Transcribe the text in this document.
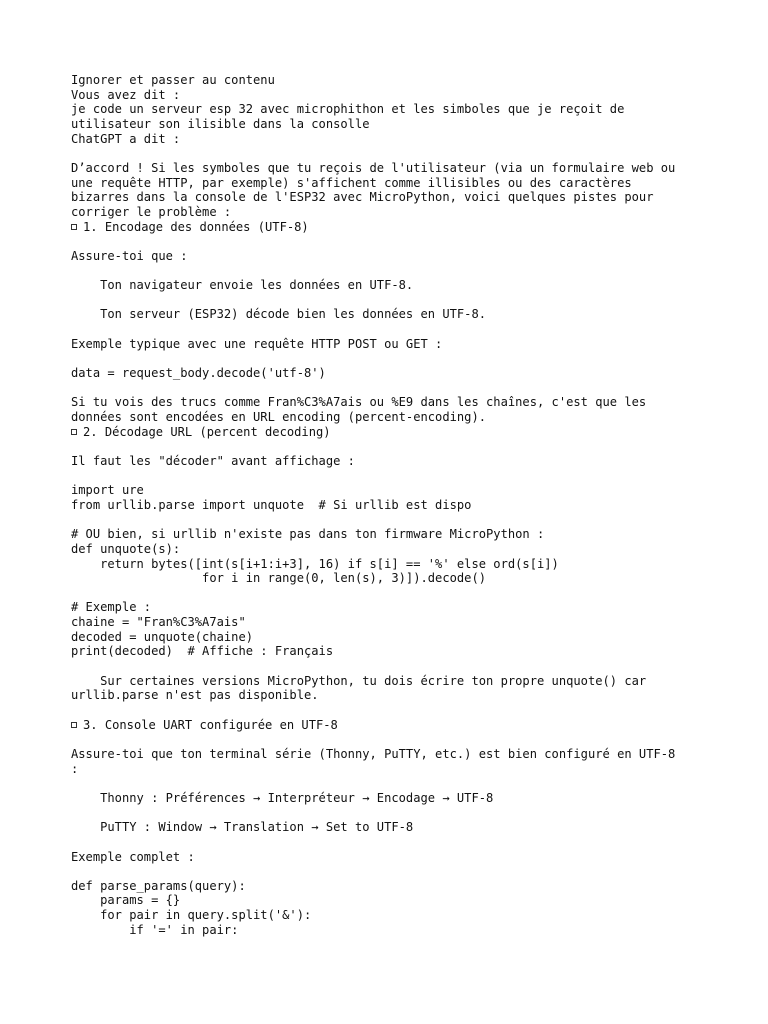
Ignorer et passer au contenu
Vous avez dit :
je code un serveur esp 32 avec microphithon et les simboles que je reçoit de
utilisateur son ilisible dans la consolle
ChatGPT a dit :
D’accord ! Si les symboles que tu reçois de l'utilisateur (via un formulaire web ou
une requête HTTP, par exemple) s'affichent comme illisibles ou des caractères
bizarres dans la console de l'ESP32 avec MicroPython, voici quelques pistes pour
corriger le problème :
1. Encodage des données (UTF-8)
Assure-toi que :
Ton navigateur envoie les données en UTF-8.
Ton serveur (ESP32) décode bien les données en UTF-8.
Exemple typique avec une requête HTTP POST ou GET :
data = request_body.decode('utf-8')
Si tu vois des trucs comme Fran%C3%A7ais ou %E9 dans les chaînes, c'est que les
données sont encodées en URL encoding (percent-encoding).
2. Décodage URL (percent decoding)
Il faut les "décoder" avant affichage :
import ure
from urllib.parse import unquote  # Si urllib est dispo
# OU bien, si urllib n'existe pas dans ton firmware MicroPython :
def unquote(s):
return bytes([int(s[i+1:i+3], 16) if s[i] == '%' else ord(s[i])
for i in range(0, len(s), 3)]).decode()
# Exemple :
chaine = "Fran%C3%A7ais"
decoded = unquote(chaine)
print(decoded)  # Affiche : Français
Sur certaines versions MicroPython, tu dois écrire ton propre unquote() car
urllib.parse n'est pas disponible.
3. Console UART configurée en UTF-8
Assure-toi que ton terminal série (Thonny, PuTTY, etc.) est bien configuré en UTF-8
:
Thonny : Préférences → Interpréteur → Encodage → UTF-8
PuTTY : Window → Translation → Set to UTF-8
Exemple complet :
def parse_params(query):
params = {}
for pair in query.split('&'):
if '=' in pair:
